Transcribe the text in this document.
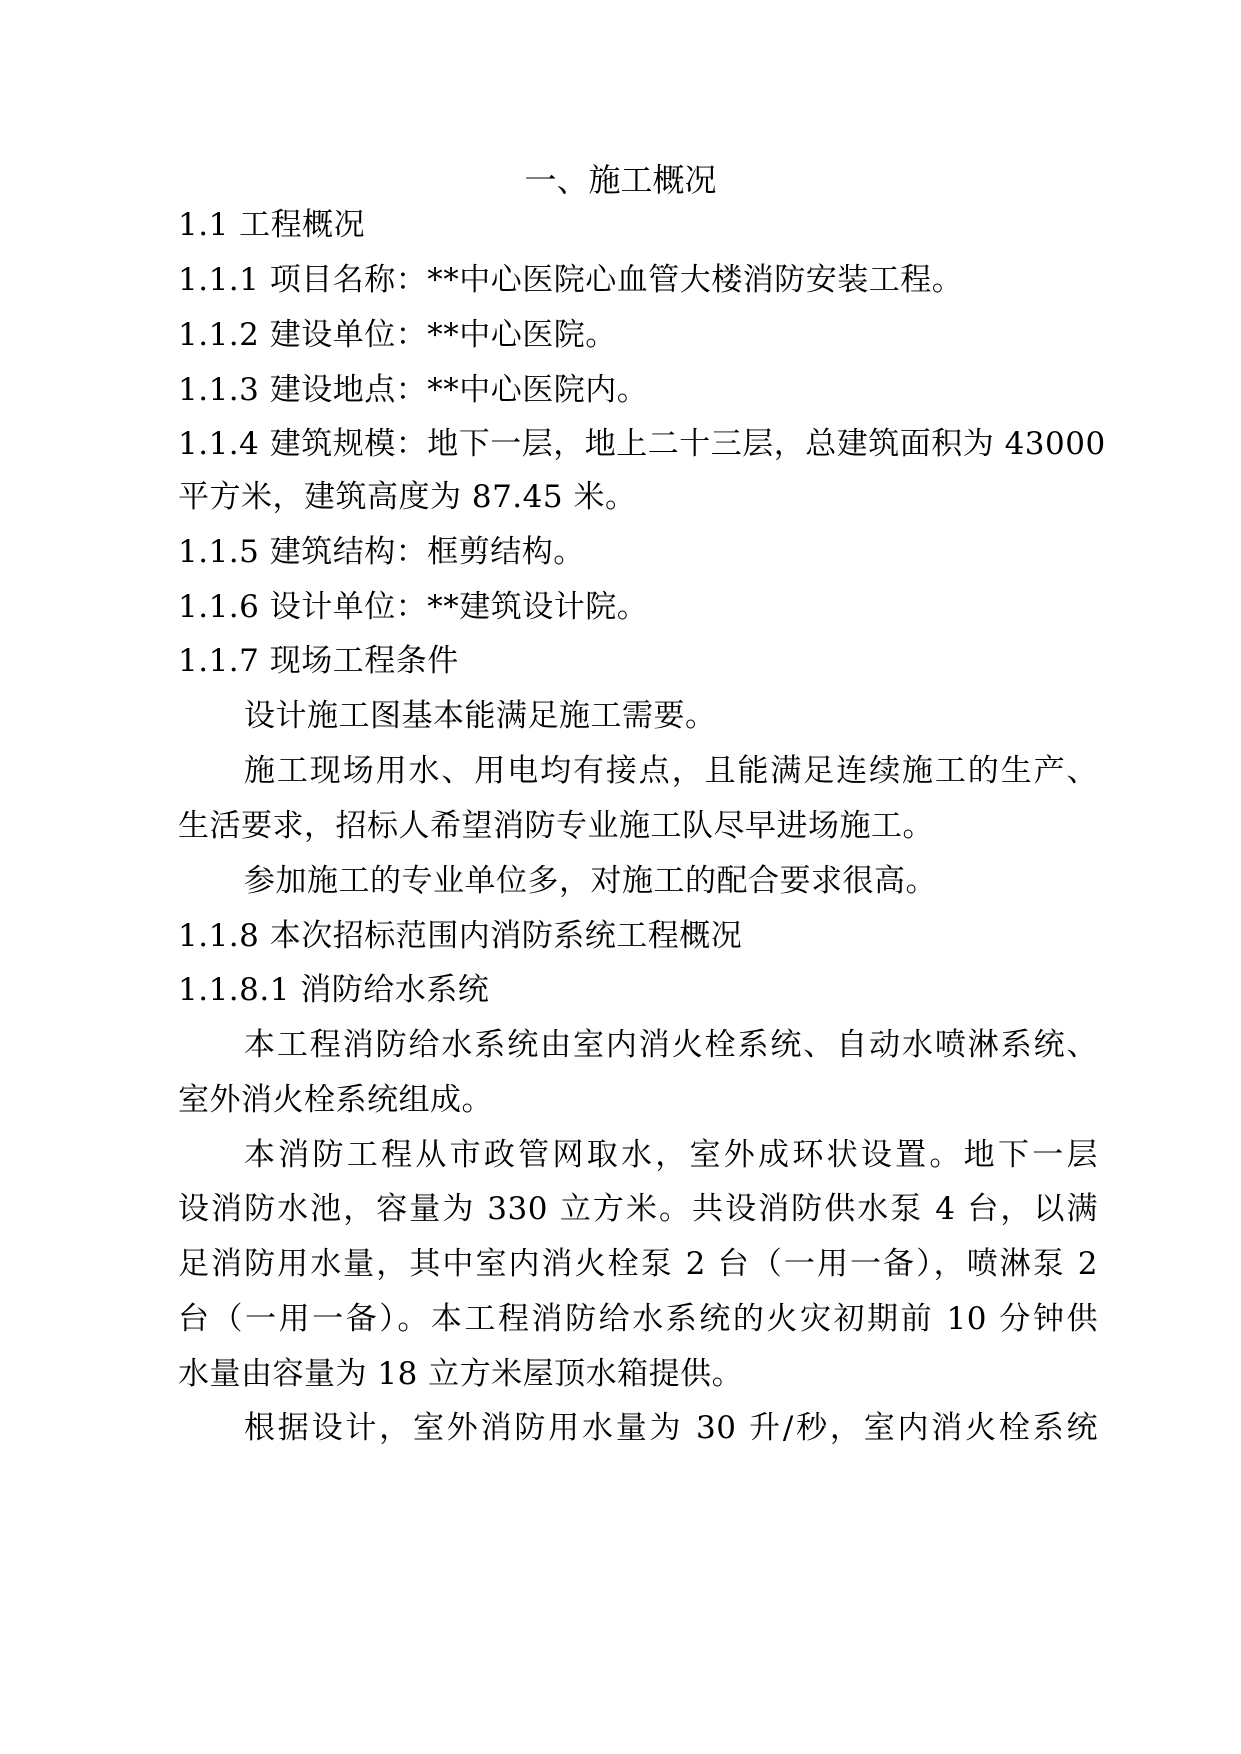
一、施工概况
1.1 工程概况
1.1.1 项目名称：**中心医院心血管大楼消防安装工程。
1.1.2 建设单位：**中心医院。
1.1.3 建设地点：**中心医院内。
1.1.4 建筑规模：地下一层，地上二十三层，总建筑面积为 43000
平方米，建筑高度为 87.45 米。
1.1.5 建筑结构：框剪结构。
1.1.6 设计单位：**建筑设计院。
1.1.7 现场工程条件
设计施工图基本能满足施工需要。
施工现场用水、用电均有接点，且能满足连续施工的生产、
生活要求，招标人希望消防专业施工队尽早进场施工。
参加施工的专业单位多，对施工的配合要求很高。
1.1.8 本次招标范围内消防系统工程概况
1.1.8.1 消防给水系统
本工程消防给水系统由室内消火栓系统、自动水喷淋系统、
室外消火栓系统组成。
本消防工程从市政管网取水，室外成环状设置。地下一层
设消防水池，容量为 330 立方米。共设消防供水泵 4 台，以满
足消防用水量，其中室内消火栓泵 2 台（一用一备），喷淋泵 2
台（一用一备）。本工程消防给水系统的火灾初期前 10 分钟供
水量由容量为 18 立方米屋顶水箱提供。
根据设计，室外消防用水量为 30 升/秒，室内消火栓系统
